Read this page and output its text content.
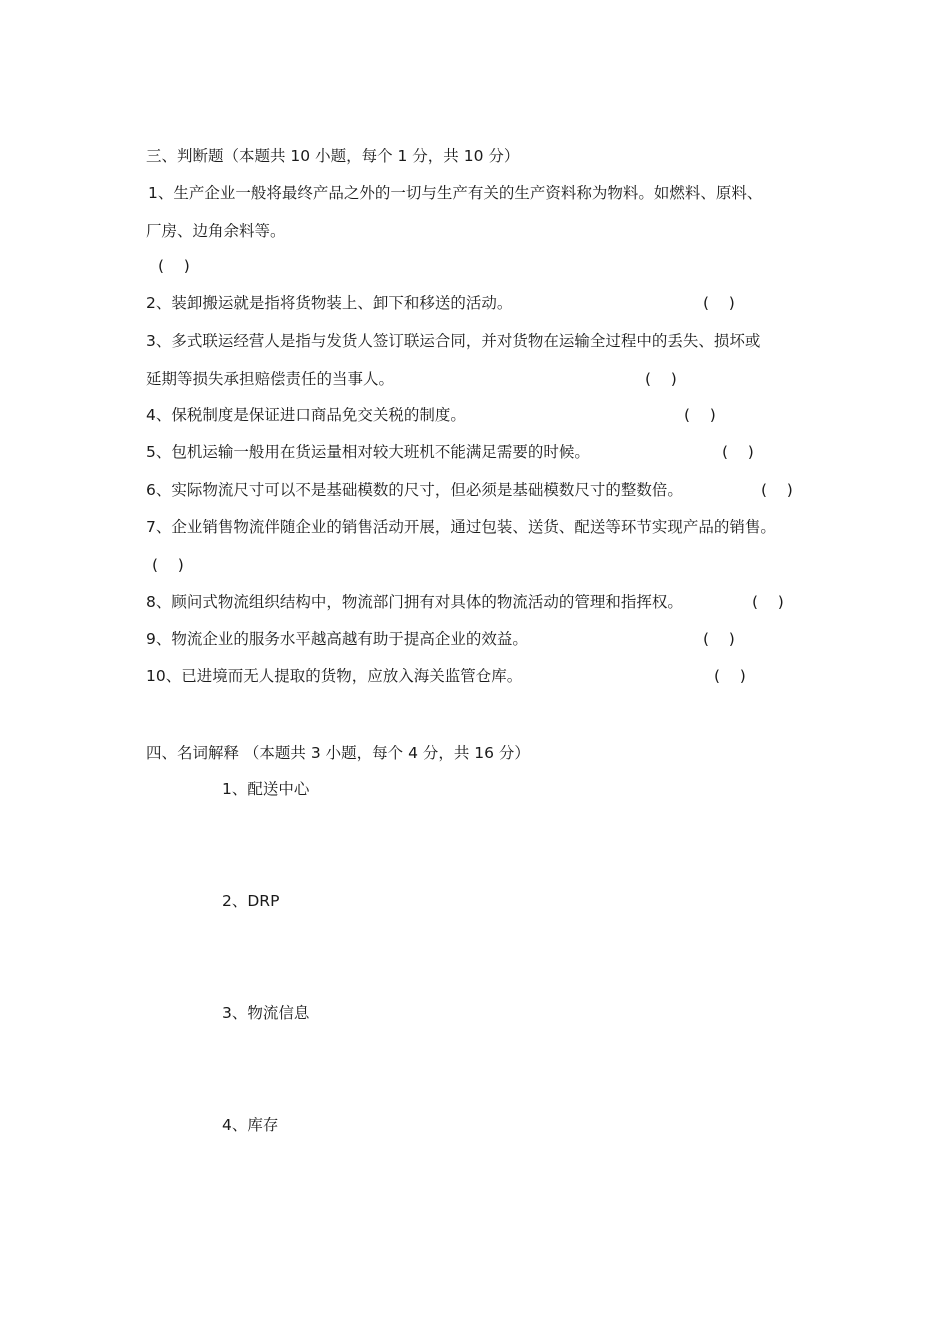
三、判断题（本题共 10 小题，每个 1 分，共 10 分）
1、生产企业一般将最终产品之外的一切与生产有关的生产资料称为物料。如燃料、原料、
厂房、边角余料等。
(    )
2、装卸搬运就是指将货物装上、卸下和移送的活动。	(    )
3、多式联运经营人是指与发货人签订联运合同，并对货物在运输全过程中的丢失、损坏或
延期等损失承担赔偿责任的当事人。	(    )
4、保税制度是保证进口商品免交关税的制度。	(    )
5、包机运输一般用在货运量相对较大班机不能满足需要的时候。	(    )
6、实际物流尺寸可以不是基础模数的尺寸，但必须是基础模数尺寸的整数倍。	(    )
7、企业销售物流伴随企业的销售活动开展，通过包装、送货、配送等环节实现产品的销售。
(    )
8、顾问式物流组织结构中，物流部门拥有对具体的物流活动的管理和指挥权。	(    )
9、物流企业的服务水平越高越有助于提高企业的效益。	(    )
10、已进境而无人提取的货物，应放入海关监管仓库。	(    )
四、名词解释 （本题共 3 小题，每个 4 分，共 16 分）
1、配送中心
2、DRP
3、物流信息
4、库存
